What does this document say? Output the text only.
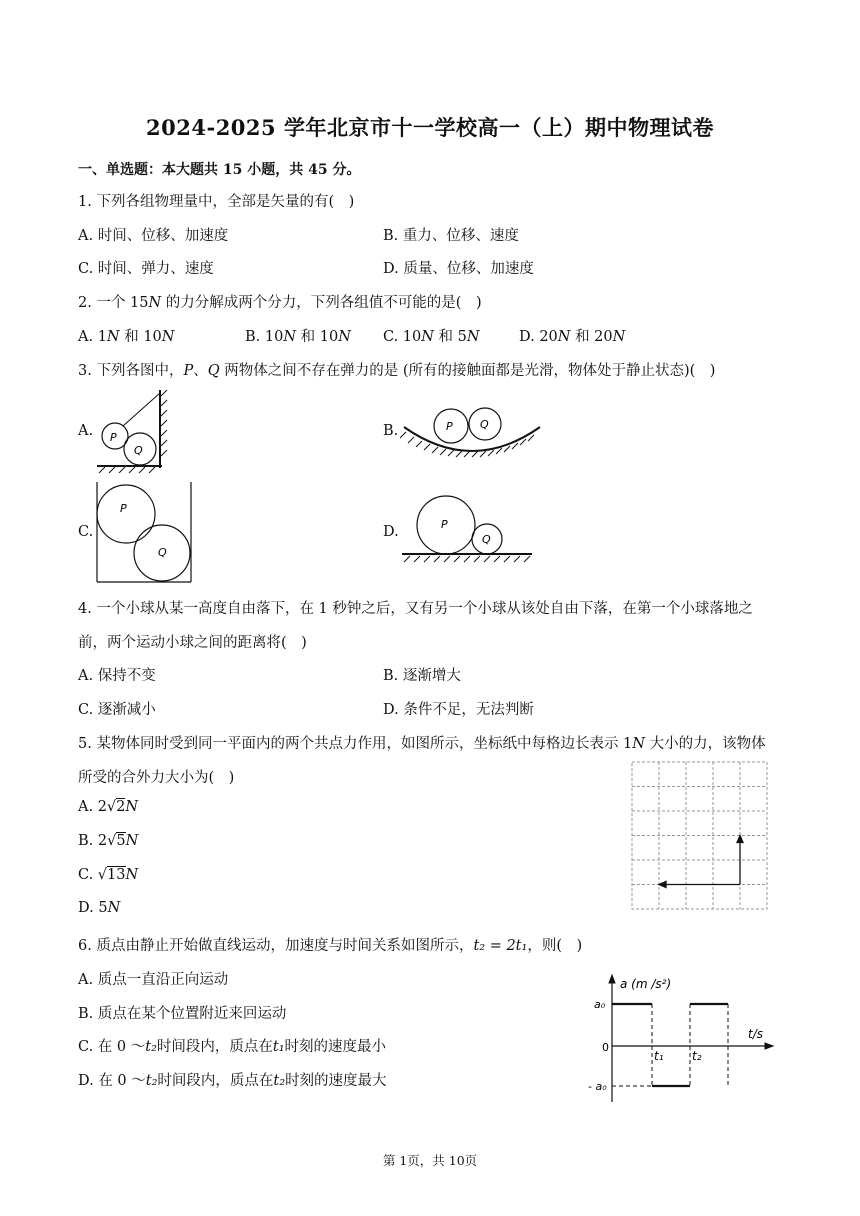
2024-2025 学年北京市十一学校高一（上）期中物理试卷
一、单选题：本大题共 15 小题，共 45 分。
1. 下列各组物理量中，全部是矢量的有(　)
A. 时间、位移、加速度	B. 重力、位移、速度
C. 时间、弹力、速度	D. 质量、位移、加速度
2. 一个 15N 的力分解成两个分力，下列各组值不可能的是(　)
A. 1N 和 10N	B. 10N 和 10N C. 10N 和 5N	D. 20N 和 20N
3. 下列各图中，P、Q 两物体之间不存在弹力的是 (所有的接触面都是光滑，物体处于静止状态)(　)
A. P
Q
B.	P Q
C.
P
Q
D.	P
Q
4. 一个小球从某一高度自由落下，在 1 秒钟之后，又有另一个小球从该处自由下落，在第一个小球落地之
前，两个运动小球之间的距离将(　)
A. 保持不变	B. 逐渐增大
C. 逐渐减小	D. 条件不足，无法判断
5. 某物体同时受到同一平面内的两个共点力作用，如图所示，坐标纸中每格边长表示 1N 大小的力，该物体
所受的合外力大小为(　)
A. 2√2N
B. 2√5N
C. √13N
D. 5N
6. 质点由静止开始做直线运动，加速度与时间关系如图所示，t₂ = 2t₁，则(　)
A. 质点一直沿正向运动
B. 质点在某个位置附近来回运动
C. 在 0 ～t₂时间段内，质点在t₁时刻的速度最小
D. 在 0 ～t₂时间段内，质点在t₂时刻的速度最大
a (m /s²)
t/s
a₀
- a₀
0
t₁ t₂
第 1页，共 10页
